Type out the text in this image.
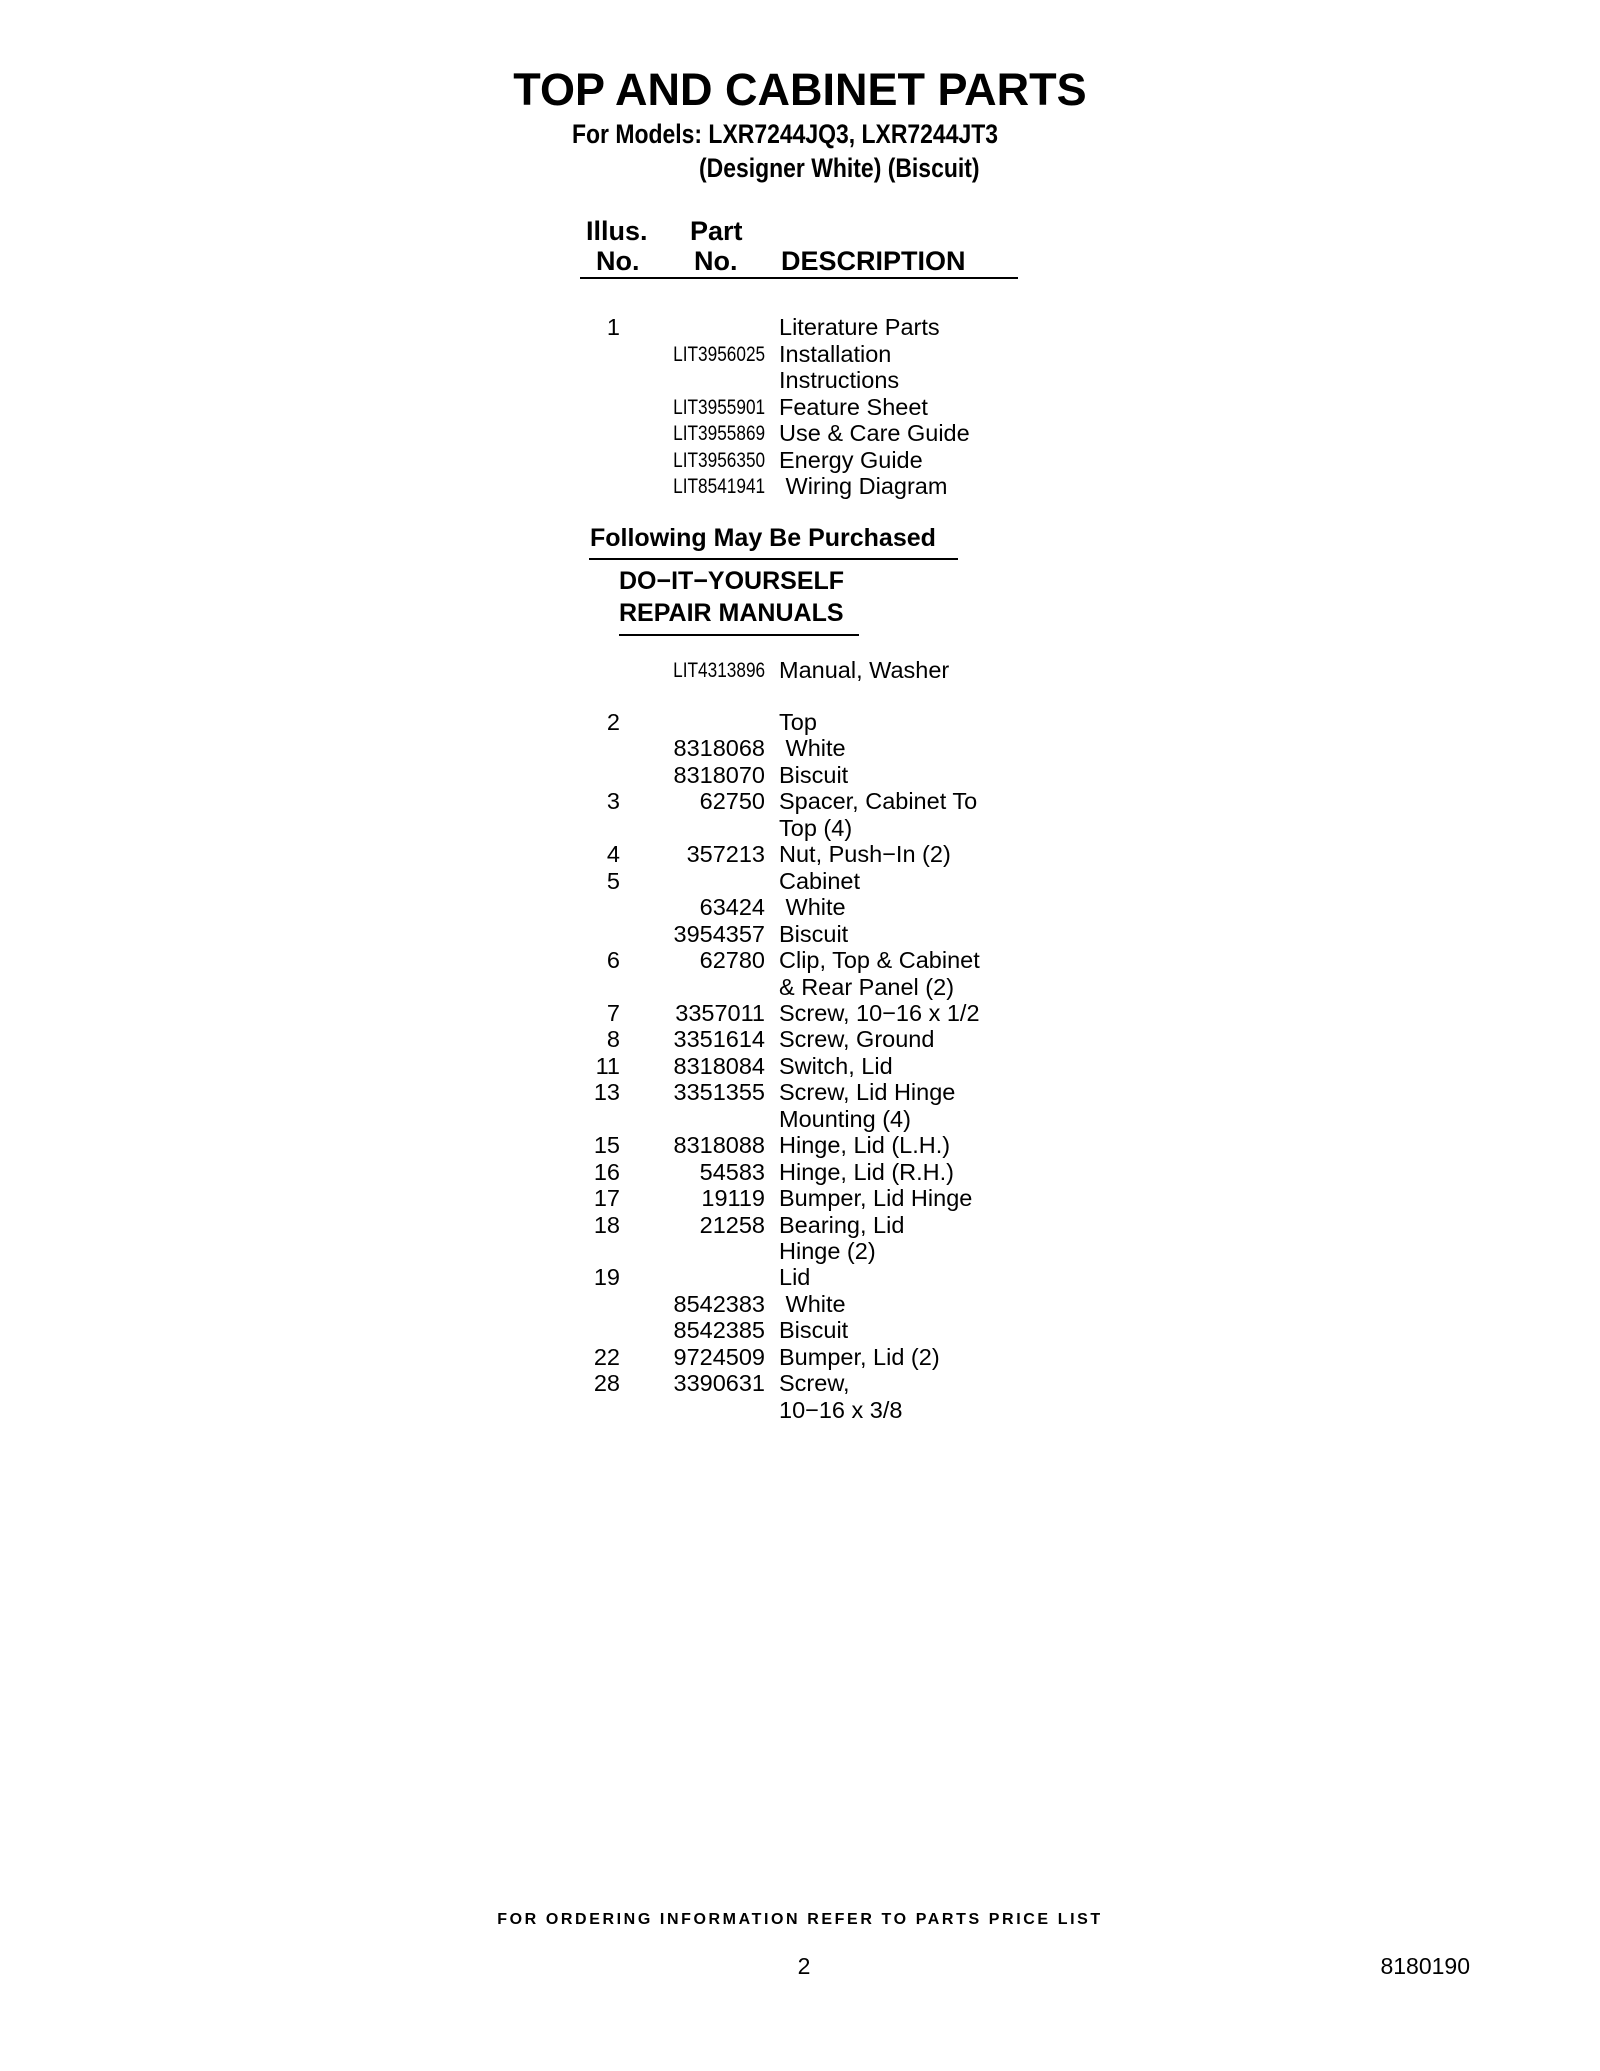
TOP AND CABINET PARTS
For Models: LXR7244JQ3, LXR7244JT3
(Designer White) (Biscuit)
Illus.
No.
Part
No. DESCRIPTION
1	Literature Parts
LIT3956025 Installation
Instructions
LIT3955901 Feature Sheet
LIT3955869 Use & Care Guide
LIT3956350 Energy Guide
LIT8541941 Wiring Diagram
Following May Be Purchased
DO−IT−YOURSELF
REPAIR MANUALS
LIT4313896 Manual, Washer
2	Top
8318068 White
8318070 Biscuit
3	62750 Spacer, Cabinet To
Top (4)
4	357213 Nut, Push−In (2)
5	Cabinet
63424 White
3954357 Biscuit
6	62780 Clip, Top & Cabinet
& Rear Panel (2)
7 3357011 Screw, 10−16 x 1/2
8 3351614 Screw, Ground
11 8318084 Switch, Lid
13 3351355 Screw, Lid Hinge
Mounting (4)
15 8318088 Hinge, Lid (L.H.)
16	54583 Hinge, Lid (R.H.)
17	19119 Bumper, Lid Hinge
18	21258 Bearing, Lid
Hinge (2)
19	Lid
8542383 White
8542385 Biscuit
22 9724509 Bumper, Lid (2)
28 3390631 Screw,
10−16 x 3/8
FOR ORDERING INFORMATION REFER TO PARTS PRICE LIST
2	8180190
